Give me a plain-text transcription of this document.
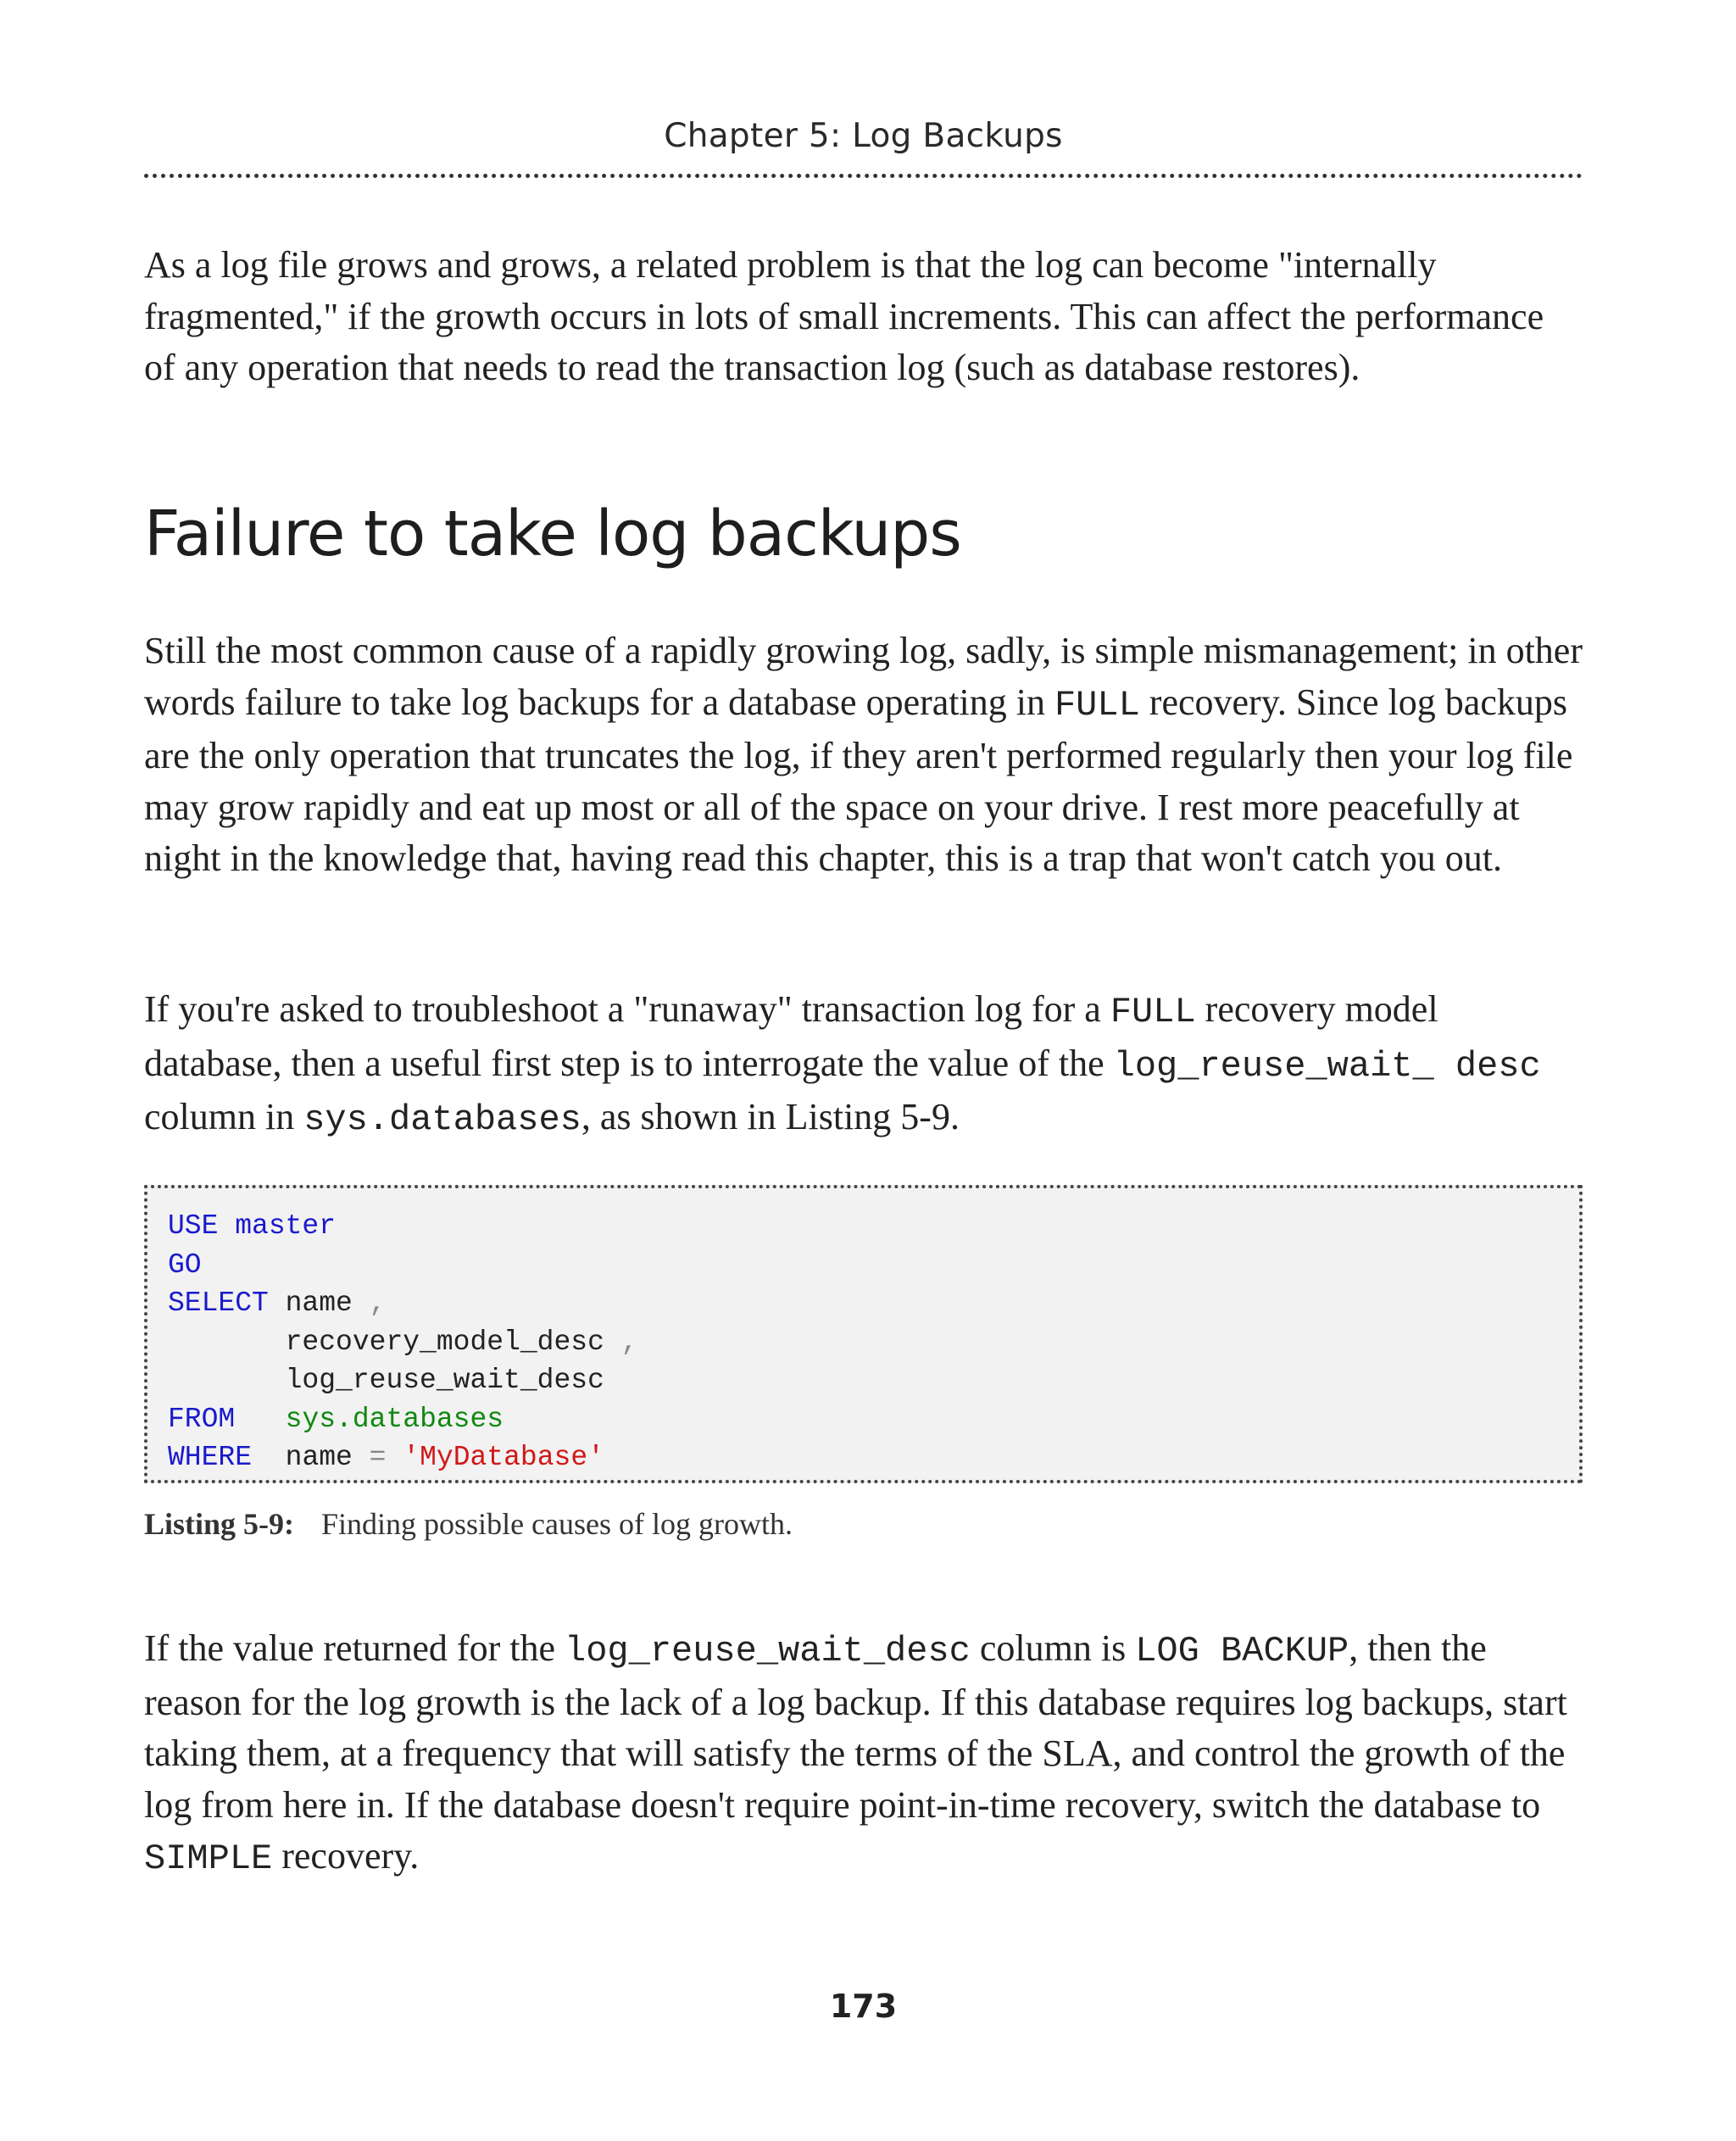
Chapter 5: Log Backups

As a log file grows and grows, a related problem is that the log can become "internally fragmented," if the growth occurs in lots of small increments. This can affect the performance of any operation that needs to read the transaction log (such as database restores).

Failure to take log backups

Still the most common cause of a rapidly growing log, sadly, is simple mismanagement; in other words failure to take log backups for a database operating in FULL recovery. Since log backups are the only operation that truncates the log, if they aren't performed regularly then your log file may grow rapidly and eat up most or all of the space on your drive. I rest more peacefully at night in the knowledge that, having read this chapter, this is a trap that won't catch you out.

If you're asked to troubleshoot a "runaway" transaction log for a FULL recovery model database, then a useful first step is to interrogate the value of the log_reuse_wait_ desc column in sys.databases, as shown in Listing 5-9.

USE master
GO
SELECT name ,
recovery_model_desc ,
log_reuse_wait_desc
FROM sys.databases
WHERE  name = 'MyDatabase'
Listing 5-9: Finding possible causes of log growth.

If the value returned for the log_reuse_wait_desc column is LOG BACKUP, then the reason for the log growth is the lack of a log backup. If this database requires log backups, start taking them, at a frequency that will satisfy the terms of the SLA, and control the growth of the log from here in. If the database doesn't require point-in-time recovery, switch the database to SIMPLE recovery.

173
